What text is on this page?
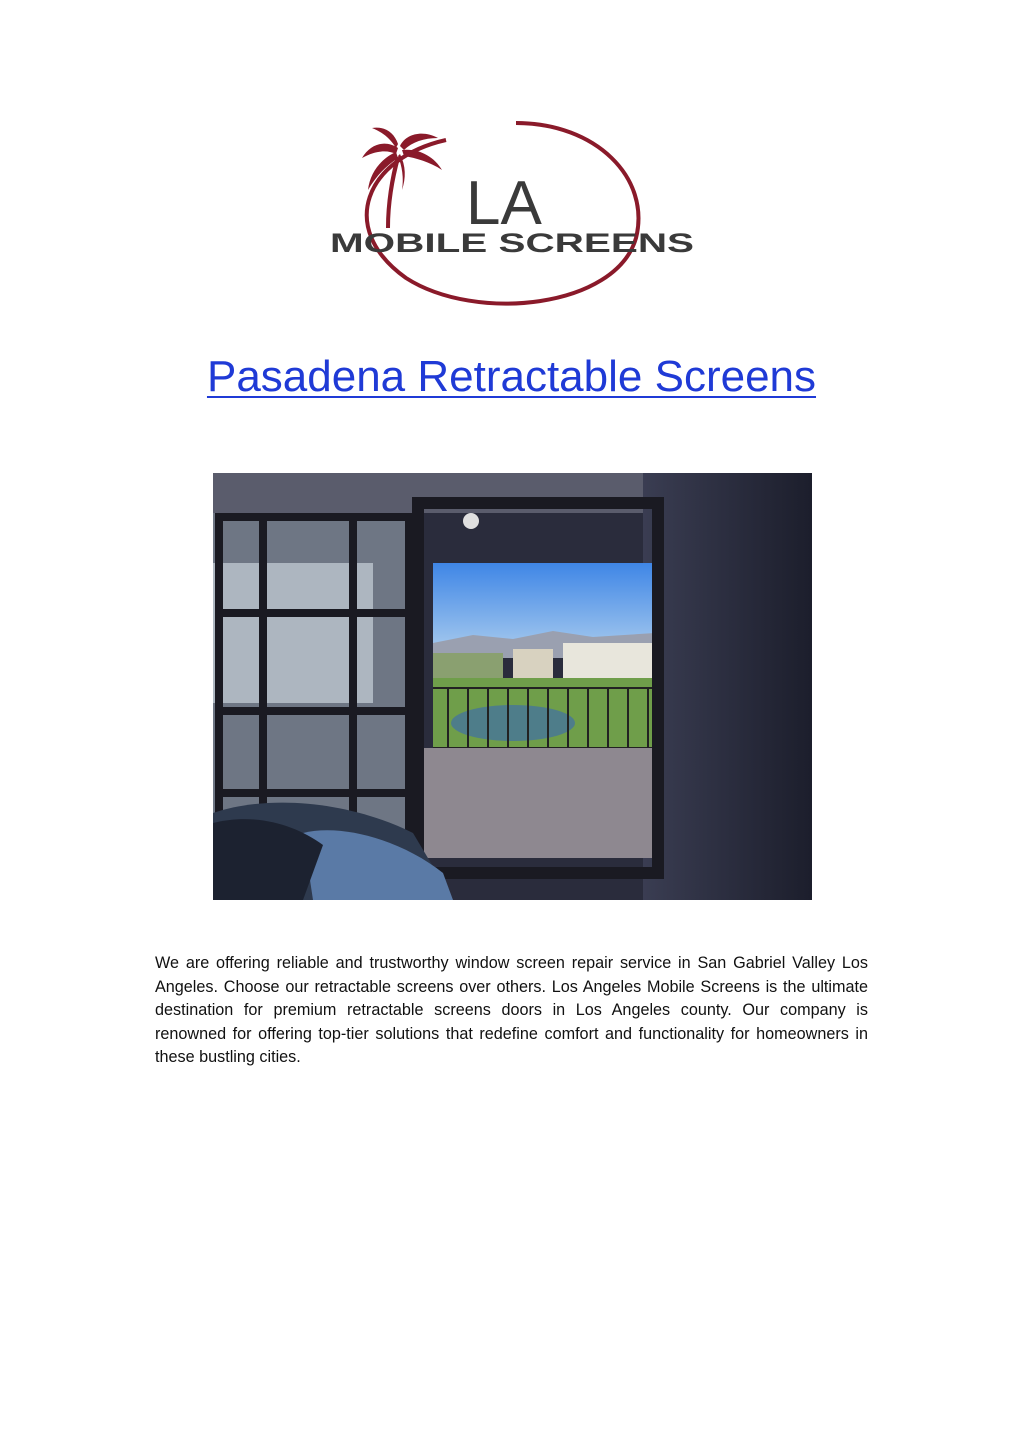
LA
MOBILE SCREENS
Pasadena Retractable Screens

We are offering reliable and trustworthy window screen repair service in San Gabriel Valley Los Angeles. Choose our retractable screens over others. Los Angeles Mobile Screens is the ultimate destination for premium retractable screens doors in Los Angeles county. Our company is renowned for offering top-tier solutions that redefine comfort and functionality for homeowners in these bustling cities.
